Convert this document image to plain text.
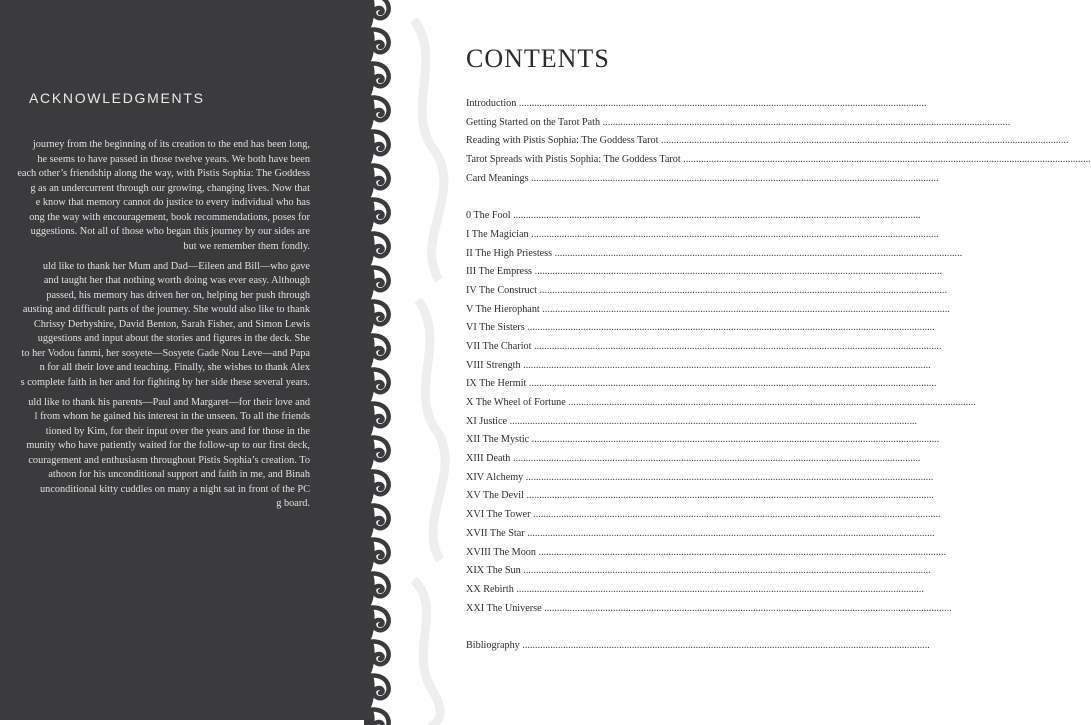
ACKNOWLEDGMENTS
journey from the beginning of its creation to the end has been long,
he seems to have passed in those twelve years. We both have been
each other’s friendship along the way, with Pistis Sophia: The Goddess
g as an undercurrent through our growing, changing lives. Now that
e know that memory cannot do justice to every individual who has
ong the way with encouragement, book recommendations, poses for
uggestions. Not all of those who began this journey by our sides are
but we remember them fondly.
uld like to thank her Mum and Dad—Eileen and Bill—who gave
and taught her that nothing worth doing was ever easy. Although
passed, his memory has driven her on, helping her push through
austing and difficult parts of the journey. She would also like to thank
Chrissy Derbyshire, David Benton, Sarah Fisher, and Simon Lewis
uggestions and input about the stories and figures in the deck. She
to her Vodou fanmi, her sosyete—Sosyete Gade Nou Leve—and Papa
n for all their love and teaching. Finally, she wishes to thank Alex
s complete faith in her and for fighting by her side these several years.
uld like to thank his parents—Paul and Margaret—for their love and
l from whom he gained his interest in the unseen. To all the friends
tioned by Kim, for their input over the years and for those in the
munity who have patiently waited for the follow-up to our first deck,
couragement and enthusiasm throughout Pistis Sophia’s creation. To
athoon for his unconditional support and faith in me, and Binah
unconditional kitty cuddles on many a night sat in front of the PC
g board.
CONTENTS
Introduction ................................................................................................................................................................
Getting Started on the Tarot Path ................................................................................................................................................................
Reading with Pistis Sophia: The Goddess Tarot ................................................................................................................................................................
Tarot Spreads with Pistis Sophia: The Goddess Tarot ................................................................................................................................................................
Card Meanings ................................................................................................................................................................
0 The Fool ................................................................................................................................................................
I The Magician ................................................................................................................................................................
II The High Priestess ................................................................................................................................................................
III The Empress ................................................................................................................................................................
IV The Construct ................................................................................................................................................................
V The Hierophant ................................................................................................................................................................
VI The Sisters ................................................................................................................................................................
VII The Chariot ................................................................................................................................................................
VIII Strength ................................................................................................................................................................
IX The Hermit ................................................................................................................................................................
X The Wheel of Fortune ................................................................................................................................................................
XI Justice ................................................................................................................................................................
XII The Mystic ................................................................................................................................................................
XIII Death ................................................................................................................................................................
XIV Alchemy ................................................................................................................................................................
XV The Devil ................................................................................................................................................................
XVI The Tower ................................................................................................................................................................
XVII The Star ................................................................................................................................................................
XVIII The Moon ................................................................................................................................................................
XIX The Sun ................................................................................................................................................................
XX Rebirth ................................................................................................................................................................
XXI The Universe ................................................................................................................................................................
Bibliography ................................................................................................................................................................
